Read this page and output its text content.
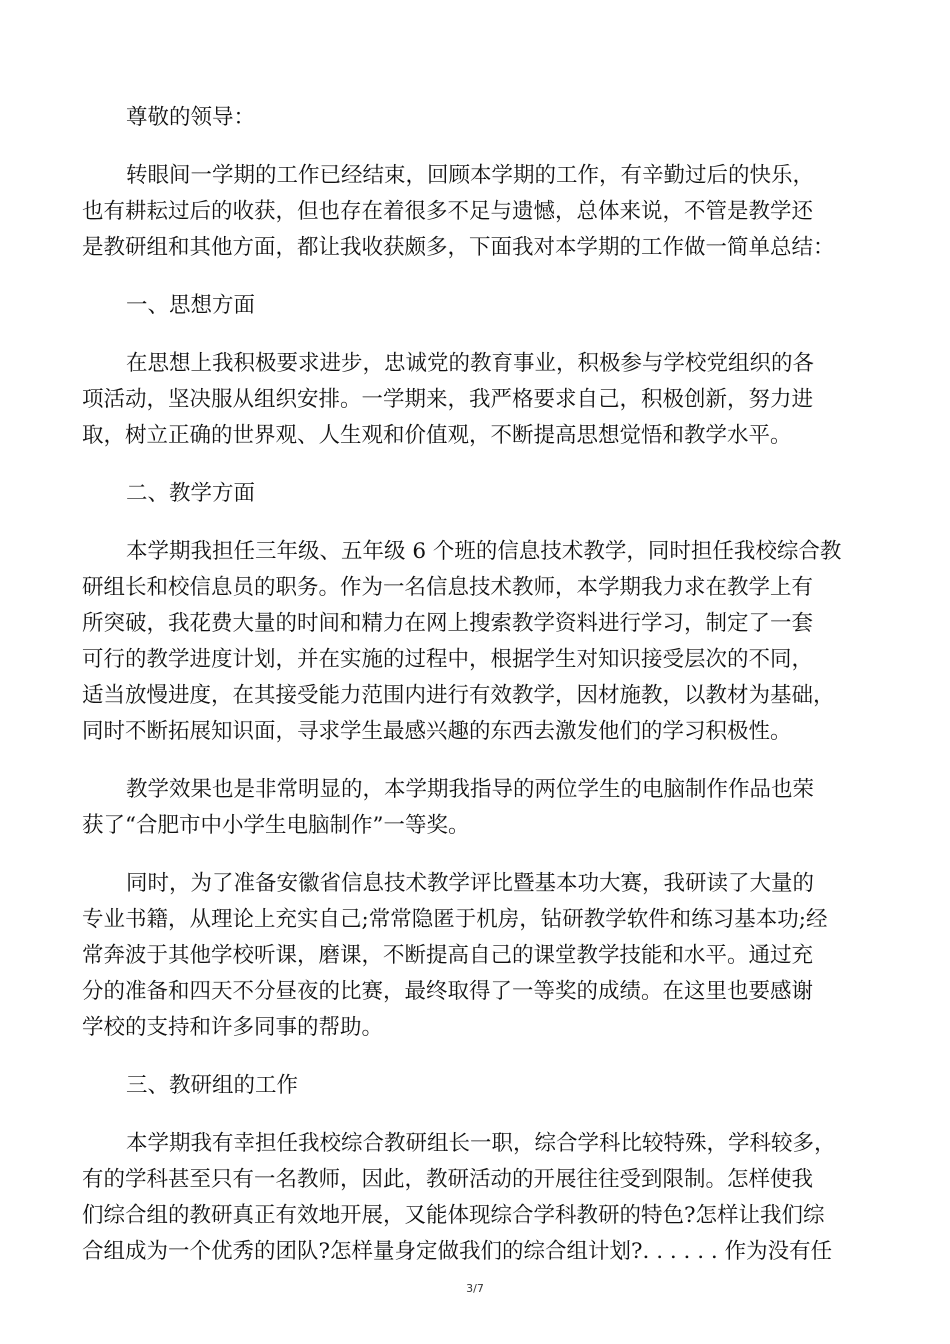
尊敬的领导：

转眼间一学期的工作已经结束，回顾本学期的工作，有辛勤过后的快乐，
也有耕耘过后的收获，但也存在着很多不足与遗憾，总体来说，不管是教学还
是教研组和其他方面，都让我收获颇多，下面我对本学期的工作做一简单总结：

一、思想方面

在思想上我积极要求进步，忠诚党的教育事业，积极参与学校党组织的各
项活动，坚决服从组织安排。一学期来，我严格要求自己，积极创新，努力进
取，树立正确的世界观、人生观和价值观，不断提高思想觉悟和教学水平。

二、教学方面

本学期我担任三年级、五年级 6 个班的信息技术教学，同时担任我校综合教
研组长和校信息员的职务。作为一名信息技术教师，本学期我力求在教学上有
所突破，我花费大量的时间和精力在网上搜索教学资料进行学习，制定了一套
可行的教学进度计划，并在实施的过程中，根据学生对知识接受层次的不同，
适当放慢进度，在其接受能力范围内进行有效教学，因材施教，以教材为基础，
同时不断拓展知识面，寻求学生最感兴趣的东西去激发他们的学习积极性。

教学效果也是非常明显的，本学期我指导的两位学生的电脑制作作品也荣
获了“合肥市中小学生电脑制作”一等奖。

同时，为了准备安徽省信息技术教学评比暨基本功大赛，我研读了大量的
专业书籍，从理论上充实自己;常常隐匿于机房，钻研教学软件和练习基本功;经
常奔波于其他学校听课，磨课，不断提高自己的课堂教学技能和水平。通过充
分的准备和四天不分昼夜的比赛，最终取得了一等奖的成绩。在这里也要感谢
学校的支持和许多同事的帮助。

三、教研组的工作

本学期我有幸担任我校综合教研组长一职，综合学科比较特殊，学科较多，
有的学科甚至只有一名教师，因此，教研活动的开展往往受到限制。怎样使我
们综合组的教研真正有效地开展，又能体现综合学科教研的特色?怎样让我们综
合组成为一个优秀的团队?怎样量身定做我们的综合组计划?. . . . . . 作为没有任

3/7
